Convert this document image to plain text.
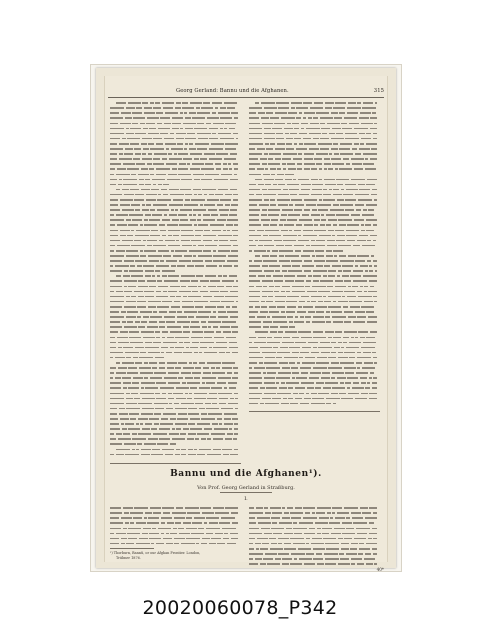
Georg Gerland: Bannu und die Afghanen.	315
Bannu und die Afghanen¹).
Von Prof. Georg Gerland in Straßburg.
I.
¹) Thorburn, Bannû, or our Afghan Frontier. London,
Trübner 1876.
40*
20020060078_P342
